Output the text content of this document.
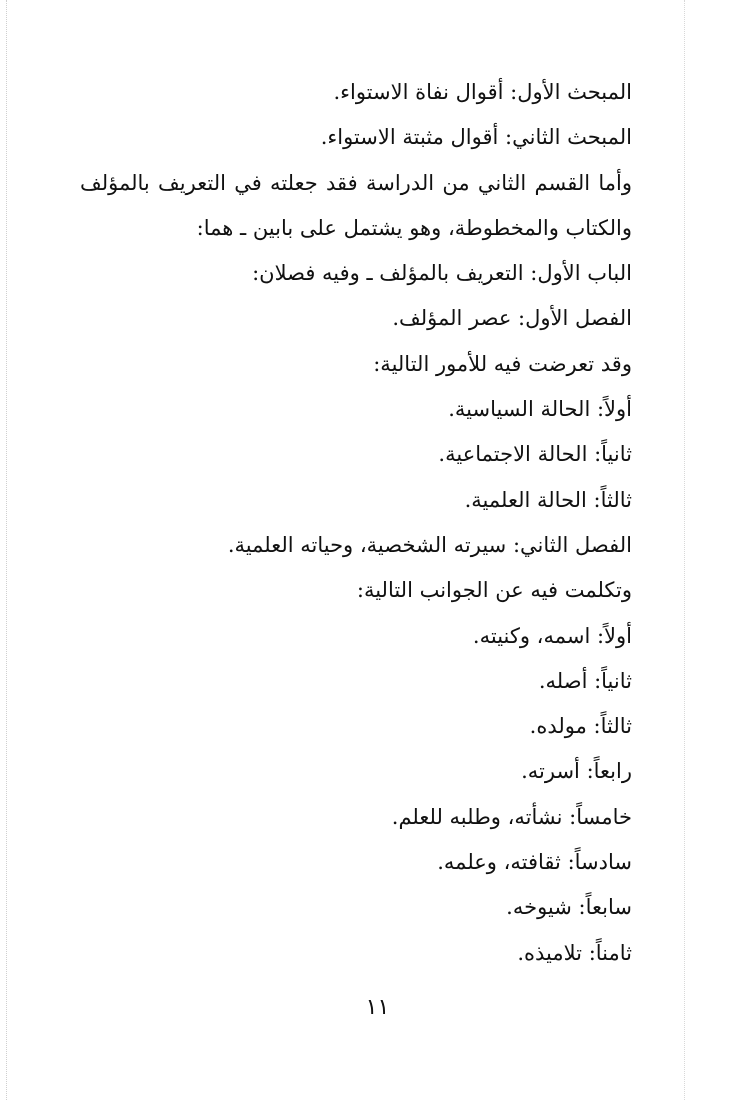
المبحث الأول: أقوال نفاة الاستواء.
المبحث الثاني: أقوال مثبتة الاستواء.
وأما القسم الثاني من الدراسة فقد جعلته في التعريف بالمؤلف
والكتاب والمخطوطة، وهو يشتمل على بابين ـ هما:
الباب الأول: التعريف بالمؤلف ـ وفيه فصلان:
الفصل الأول: عصر المؤلف.
وقد تعرضت فيه للأمور التالية:
أولاً: الحالة السياسية.
ثانياً: الحالة الاجتماعية.
ثالثاً: الحالة العلمية.
الفصل الثاني: سيرته الشخصية، وحياته العلمية.
وتكلمت فيه عن الجوانب التالية:
أولاً: اسمه، وكنيته.
ثانياً: أصله.
ثالثاً: مولده.
رابعاً: أسرته.
خامساً: نشأته، وطلبه للعلم.
سادساً: ثقافته، وعلمه.
سابعاً: شيوخه.
ثامناً: تلاميذه.
١١
